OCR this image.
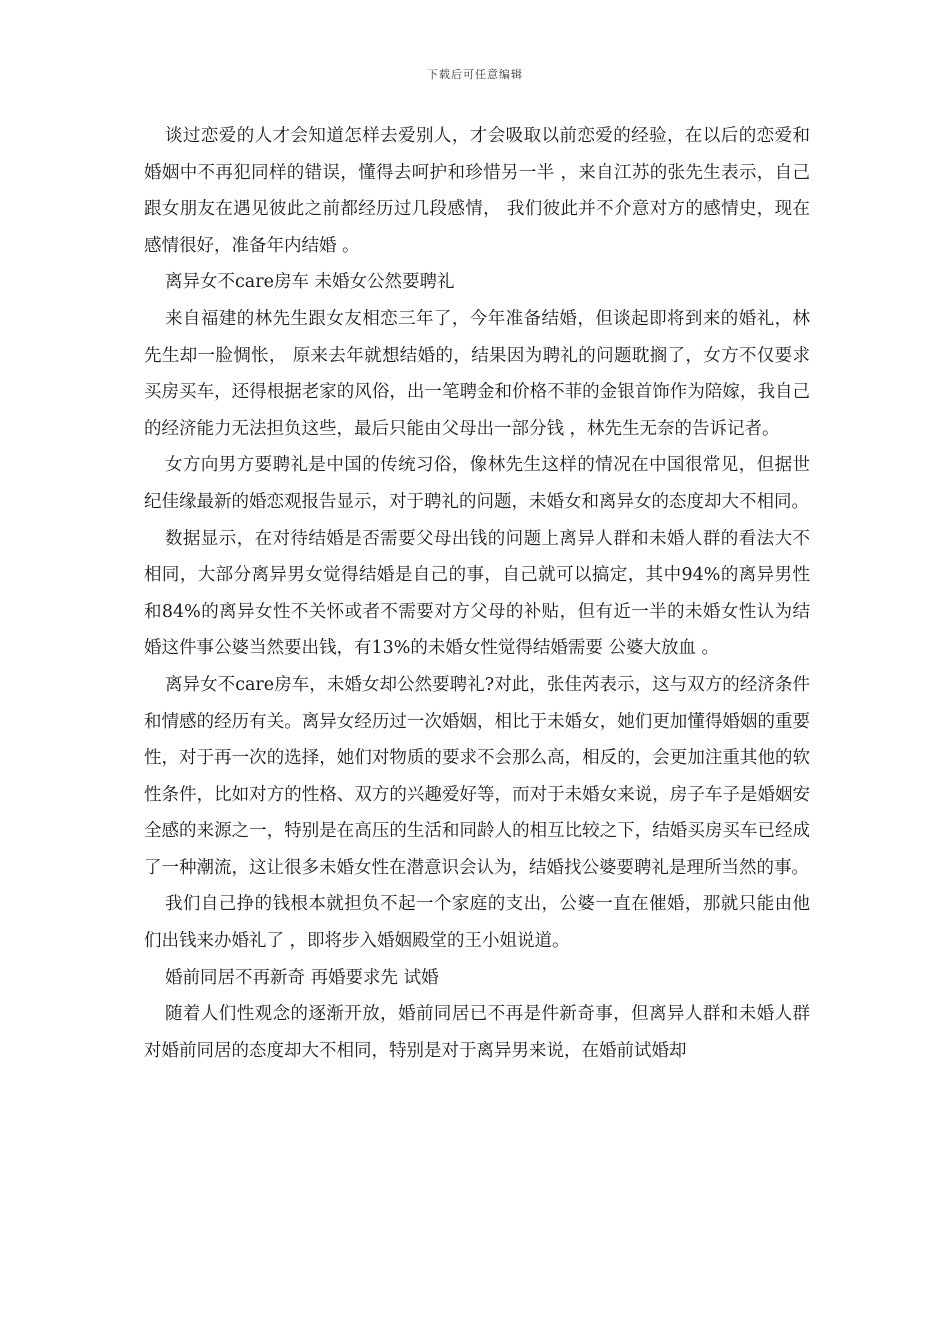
下载后可任意编辑

谈过恋爱的人才会知道怎样去爱别人，才会吸取以前恋爱的经验，在以后的恋爱和婚姻中不再犯同样的错误，懂得去呵护和珍惜另一半 ，来自江苏的张先生表示，自己跟女朋友在遇见彼此之前都经历过几段感情， 我们彼此并不介意对方的感情史，现在感情很好，准备年内结婚 。

离异女不care房车 未婚女公然要聘礼

来自福建的林先生跟女友相恋三年了，今年准备结婚，但谈起即将到来的婚礼，林先生却一脸惆怅， 原来去年就想结婚的，结果因为聘礼的问题耽搁了，女方不仅要求买房买车，还得根据老家的风俗，出一笔聘金和价格不菲的金银首饰作为陪嫁，我自己的经济能力无法担负这些，最后只能由父母出一部分钱 ，林先生无奈的告诉记者。

女方向男方要聘礼是中国的传统习俗，像林先生这样的情况在中国很常见，但据世纪佳缘最新的婚恋观报告显示，对于聘礼的问题，未婚女和离异女的态度却大不相同。

数据显示，在对待结婚是否需要父母出钱的问题上离异人群和未婚人群的看法大不相同，大部分离异男女觉得结婚是自己的事，自己就可以搞定，其中94%的离异男性和84%的离异女性不关怀或者不需要对方父母的补贴，但有近一半的未婚女性认为结婚这件事公婆当然要出钱，有13%的未婚女性觉得结婚需要 公婆大放血 。

离异女不care房车，未婚女却公然要聘礼?对此，张佳芮表示，这与双方的经济条件和情感的经历有关。离异女经历过一次婚姻，相比于未婚女，她们更加懂得婚姻的重要性，对于再一次的选择，她们对物质的要求不会那么高，相反的，会更加注重其他的软性条件，比如对方的性格、双方的兴趣爱好等，而对于未婚女来说，房子车子是婚姻安全感的来源之一，特别是在高压的生活和同龄人的相互比较之下，结婚买房买车已经成了一种潮流，这让很多未婚女性在潜意识会认为，结婚找公婆要聘礼是理所当然的事。

我们自己挣的钱根本就担负不起一个家庭的支出，公婆一直在催婚，那就只能由他们出钱来办婚礼了 ，即将步入婚姻殿堂的王小姐说道。

婚前同居不再新奇 再婚要求先 试婚

随着人们性观念的逐渐开放，婚前同居已不再是件新奇事，但离异人群和未婚人群对婚前同居的态度却大不相同，特别是对于离异男来说，在婚前试婚却
